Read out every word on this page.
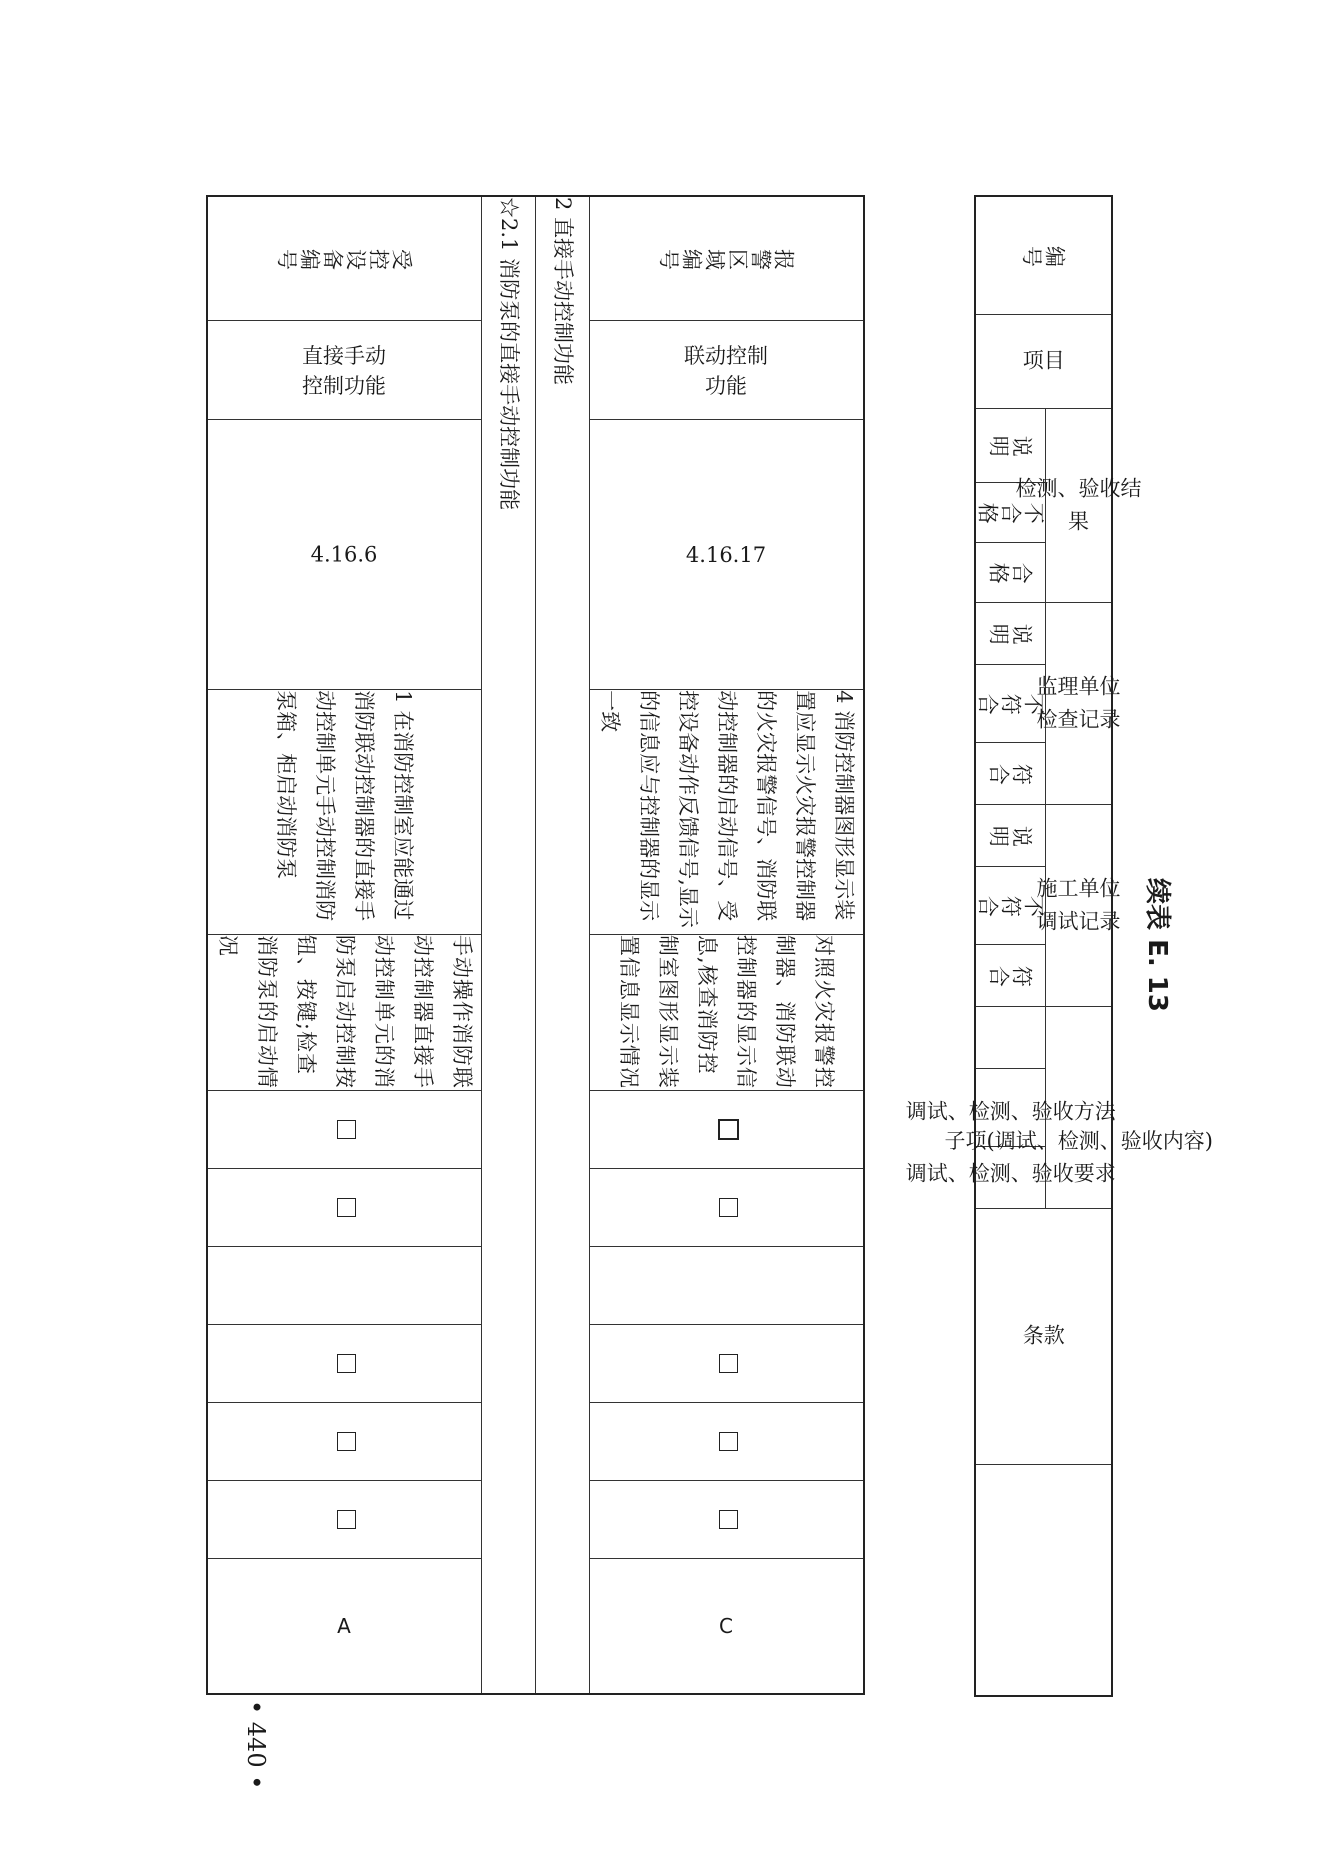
续表 E. 13
编号	项目	检测、验收结果			监理单位检查记录			施工单位调试记录			子项(调试、检测、验收内容)			条款	

		说明	不合格	合格	说明	不符合	符合	说明	不符合	符合	调试、检测、验收方法	调试、检测、验收要求			
报警区域编号	联动控制功能	4.16.17	4 消防控制器图形显示装置应显示火灾报警控制器的火灾报警信号、消防联动控制器的启动信号、受控设备动作反馈信号,显示的信息应与控制器的显示一致	对照火灾报警控制器、消防联动控制器的显示信息,核查消防控制室图形显示装置信息显示情况							C
2 直接手动控制功能											
☆2.1 消防泵的直接手动控制功能											

受控设备编号	直接手动控制功能	4.16.6	1 在消防控制室应能通过消防联动控制器的直接手动控制单元手动控制消防泵箱、柜启动消防泵	手动操作消防联动控制器直接手动控制单元的消防泵启动控制按钮、按键;检查消防泵的启动情况							A
• 440 •
